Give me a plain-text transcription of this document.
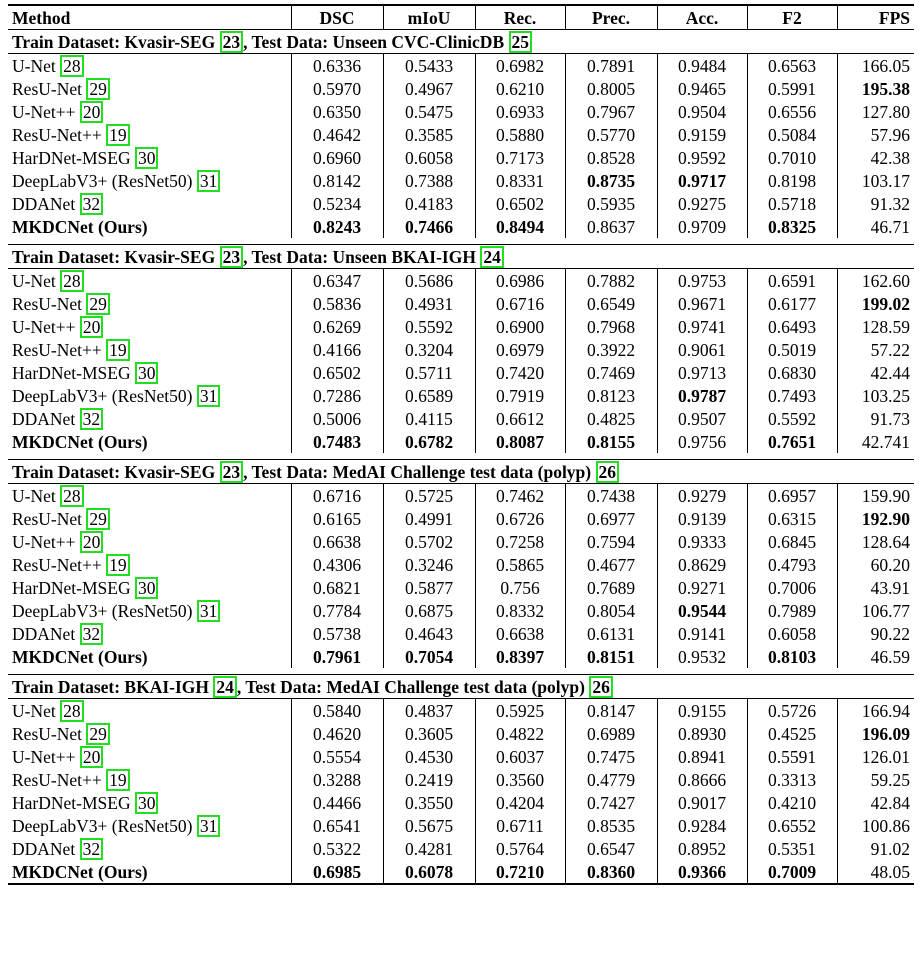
Method	DSC	mIoU	Rec.	Prec.	Acc.	F2	FPS
Train Dataset: Kvasir-SEG 23 , Test Data: Unseen CVC-ClinicDB 25							
U-Net 28	0.6336	0.5433	0.6982	0.7891	0.9484	0.6563	166.05
ResU-Net 29	0.5970	0.4967	0.6210	0.8005	0.9465	0.5991	195.38
U-Net++ 20	0.6350	0.5475	0.6933	0.7967	0.9504	0.6556	127.80
ResU-Net++ 19	0.4642	0.3585	0.5880	0.5770	0.9159	0.5084	57.96
HarDNet-MSEG 30	0.6960	0.6058	0.7173	0.8528	0.9592	0.7010	42.38
DeepLabV3+ (ResNet50) 31	0.8142	0.7388	0.8331	0.8735	0.9717	0.8198	103.17
DDANet 32	0.5234	0.4183	0.6502	0.5935	0.9275	0.5718	91.32
MKDCNet (Ours)	0.8243	0.7466	0.8494	0.8637	0.9709	0.8325	46.71

Train Dataset: Kvasir-SEG 23 , Test Data: Unseen BKAI-IGH 24							
U-Net 28	0.6347	0.5686	0.6986	0.7882	0.9753	0.6591	162.60
ResU-Net 29	0.5836	0.4931	0.6716	0.6549	0.9671	0.6177	199.02
U-Net++ 20	0.6269	0.5592	0.6900	0.7968	0.9741	0.6493	128.59
ResU-Net++ 19	0.4166	0.3204	0.6979	0.3922	0.9061	0.5019	57.22
HarDNet-MSEG 30	0.6502	0.5711	0.7420	0.7469	0.9713	0.6830	42.44
DeepLabV3+ (ResNet50) 31	0.7286	0.6589	0.7919	0.8123	0.9787	0.7493	103.25
DDANet 32	0.5006	0.4115	0.6612	0.4825	0.9507	0.5592	91.73
MKDCNet (Ours)	0.7483	0.6782	0.8087	0.8155	0.9756	0.7651	42.741

Train Dataset: Kvasir-SEG 23 , Test Data: MedAI Challenge test data (polyp) 26							
U-Net 28	0.6716	0.5725	0.7462	0.7438	0.9279	0.6957	159.90
ResU-Net 29	0.6165	0.4991	0.6726	0.6977	0.9139	0.6315	192.90
U-Net++ 20	0.6638	0.5702	0.7258	0.7594	0.9333	0.6845	128.64
ResU-Net++ 19	0.4306	0.3246	0.5865	0.4677	0.8629	0.4793	60.20
HarDNet-MSEG 30	0.6821	0.5877	0.756	0.7689	0.9271	0.7006	43.91
DeepLabV3+ (ResNet50) 31	0.7784	0.6875	0.8332	0.8054	0.9544	0.7989	106.77
DDANet 32	0.5738	0.4643	0.6638	0.6131	0.9141	0.6058	90.22
MKDCNet (Ours)	0.7961	0.7054	0.8397	0.8151	0.9532	0.8103	46.59

Train Dataset: BKAI-IGH 24 , Test Data: MedAI Challenge test data (polyp) 26							
U-Net 28	0.5840	0.4837	0.5925	0.8147	0.9155	0.5726	166.94
ResU-Net 29	0.4620	0.3605	0.4822	0.6989	0.8930	0.4525	196.09
U-Net++ 20	0.5554	0.4530	0.6037	0.7475	0.8941	0.5591	126.01
ResU-Net++ 19	0.3288	0.2419	0.3560	0.4779	0.8666	0.3313	59.25
HarDNet-MSEG 30	0.4466	0.3550	0.4204	0.7427	0.9017	0.4210	42.84
DeepLabV3+ (ResNet50) 31	0.6541	0.5675	0.6711	0.8535	0.9284	0.6552	100.86
DDANet 32	0.5322	0.4281	0.5764	0.6547	0.8952	0.5351	91.02
MKDCNet (Ours)	0.6985	0.6078	0.7210	0.8360	0.9366	0.7009	48.05
